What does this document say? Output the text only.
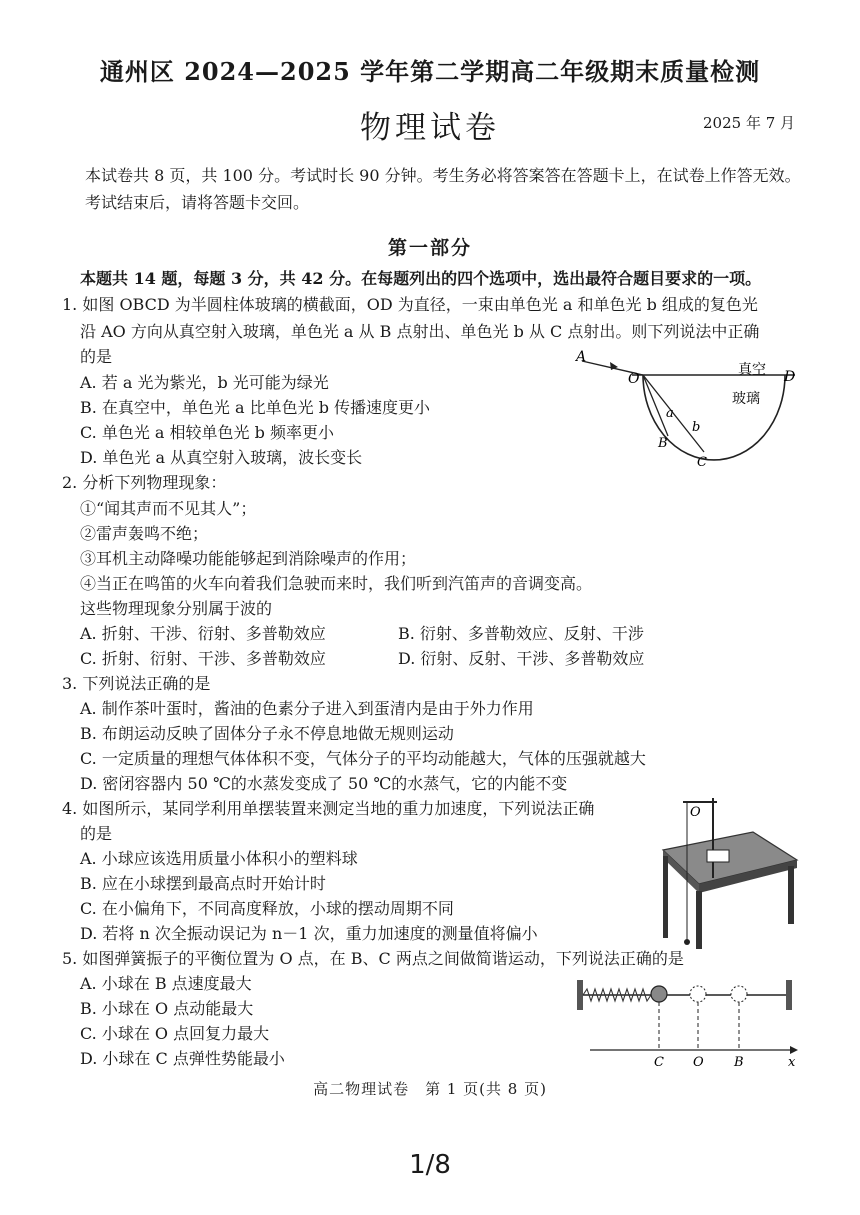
通州区 2024—2025 学年第二学期高二年级期末质量检测
物理试卷	2025 年 7 月
本试卷共 8 页，共 100 分。考试时长 90 分钟。考生务必将答案答在答题卡上，在试卷上作答无效。考试结束后，请将答题卡交回。
第一部分
本题共 14 题，每题 3 分，共 42 分。在每题列出的四个选项中，选出最符合题目要求的一项。
1. 如图 OBCD 为半圆柱体玻璃的横截面，OD 为直径，一束由单色光 a 和单色光 b 组成的复色光
沿 AO 方向从真空射入玻璃，单色光 a 从 B 点射出、单色光 b 从 C 点射出。则下列说法中正确
的是
A. 若 a 光为紫光，b 光可能为绿光
B. 在真空中，单色光 a 比单色光 b 传播速度更小
C. 单色光 a 相较单色光 b 频率更小
D. 单色光 a 从真空射入玻璃，波长变长
A
O	D
真空
玻璃
a
b
B
C
2. 分析下列物理现象：
①“闻其声而不见其人”；
②雷声轰鸣不绝；
③耳机主动降噪功能能够起到消除噪声的作用；
④当正在鸣笛的火车向着我们急驶而来时，我们听到汽笛声的音调变高。
这些物理现象分别属于波的
A. 折射、干涉、衍射、多普勒效应	B. 衍射、多普勒效应、反射、干涉
C. 折射、衍射、干涉、多普勒效应	D. 衍射、反射、干涉、多普勒效应
3. 下列说法正确的是
A. 制作茶叶蛋时，酱油的色素分子进入到蛋清内是由于外力作用
B. 布朗运动反映了固体分子永不停息地做无规则运动
C. 一定质量的理想气体体积不变，气体分子的平均动能越大，气体的压强就越大
D. 密闭容器内 50 ℃的水蒸发变成了 50 ℃的水蒸气，它的内能不变
4. 如图所示，某同学利用单摆装置来测定当地的重力加速度，下列说法正确
的是
A. 小球应该选用质量小体积小的塑料球
B. 应在小球摆到最高点时开始计时
C. 在小偏角下，不同高度释放，小球的摆动周期不同
D. 若将 n 次全振动误记为 n－1 次，重力加速度的测量值将偏小
O
5. 如图弹簧振子的平衡位置为 O 点，在 B、C 两点之间做简谐运动，下列说法正确的是
A. 小球在 B 点速度最大
B. 小球在 O 点动能最大
C. 小球在 O 点回复力最大
D. 小球在 C 点弹性势能最小	C O B	x
高二物理试卷　第 1 页(共 8 页)
1/8
